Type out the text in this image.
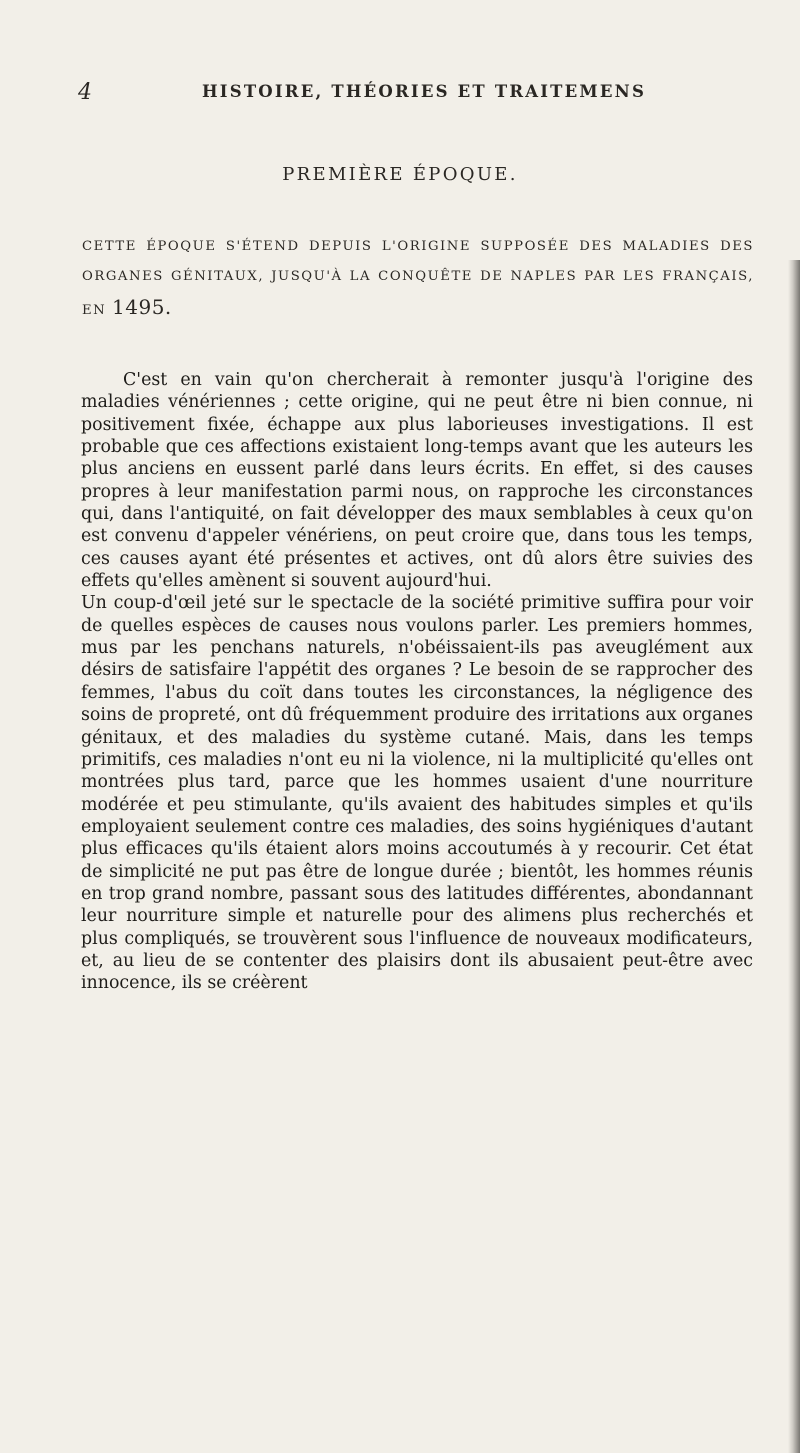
4	HISTOIRE, THÉORIES ET TRAITEMENS
PREMIÈRE ÉPOQUE.
CETTE ÉPOQUE S'ÉTEND DEPUIS L'ORIGINE SUPPOSÉE DES MALADIES DES ORGANES GÉNITAUX, JUSQU'À LA CONQUÊTE DE NAPLES PAR LES FRANÇAIS, EN 1495.

C'est en vain qu'on chercherait à remonter jusqu'à l'origine des maladies vénériennes ; cette origine, qui ne peut être ni bien connue, ni positivement fixée, échappe aux plus laborieuses investigations. Il est probable que ces affections existaient long-temps avant que les auteurs les plus anciens en eussent parlé dans leurs écrits. En effet, si des causes propres à leur manifestation parmi nous, on rapproche les circonstances qui, dans l'antiquité, on fait développer des maux semblables à ceux qu'on est convenu d'appeler vénériens, on peut croire que, dans tous les temps, ces causes ayant été présentes et actives, ont dû alors être suivies des effets qu'elles amènent si souvent aujourd'hui.

Un coup-d'œil jeté sur le spectacle de la société primitive suffira pour voir de quelles espèces de causes nous voulons parler. Les premiers hommes, mus par les penchans naturels, n'obéissaient-ils pas aveuglément aux désirs de satisfaire l'appétit des organes ? Le besoin de se rapprocher des femmes, l'abus du coït dans toutes les circonstances, la négligence des soins de propreté, ont dû fréquemment produire des irritations aux organes génitaux, et des maladies du système cutané. Mais, dans les temps primitifs, ces maladies n'ont eu ni la violence, ni la multiplicité qu'elles ont montrées plus tard, parce que les hommes usaient d'une nourriture modérée et peu stimulante, qu'ils avaient des habitudes simples et qu'ils employaient seulement contre ces maladies, des soins hygiéniques d'autant plus efficaces qu'ils étaient alors moins accoutumés à y recourir. Cet état de simplicité ne put pas être de longue durée ; bientôt, les hommes réunis en trop grand nombre, passant sous des latitudes différentes, abondannant leur nourriture simple et naturelle pour des alimens plus recherchés et plus compliqués, se trouvèrent sous l'influence de nouveaux modificateurs, et, au lieu de se contenter des plaisirs dont ils abusaient peut-être avec innocence, ils se créèrent
